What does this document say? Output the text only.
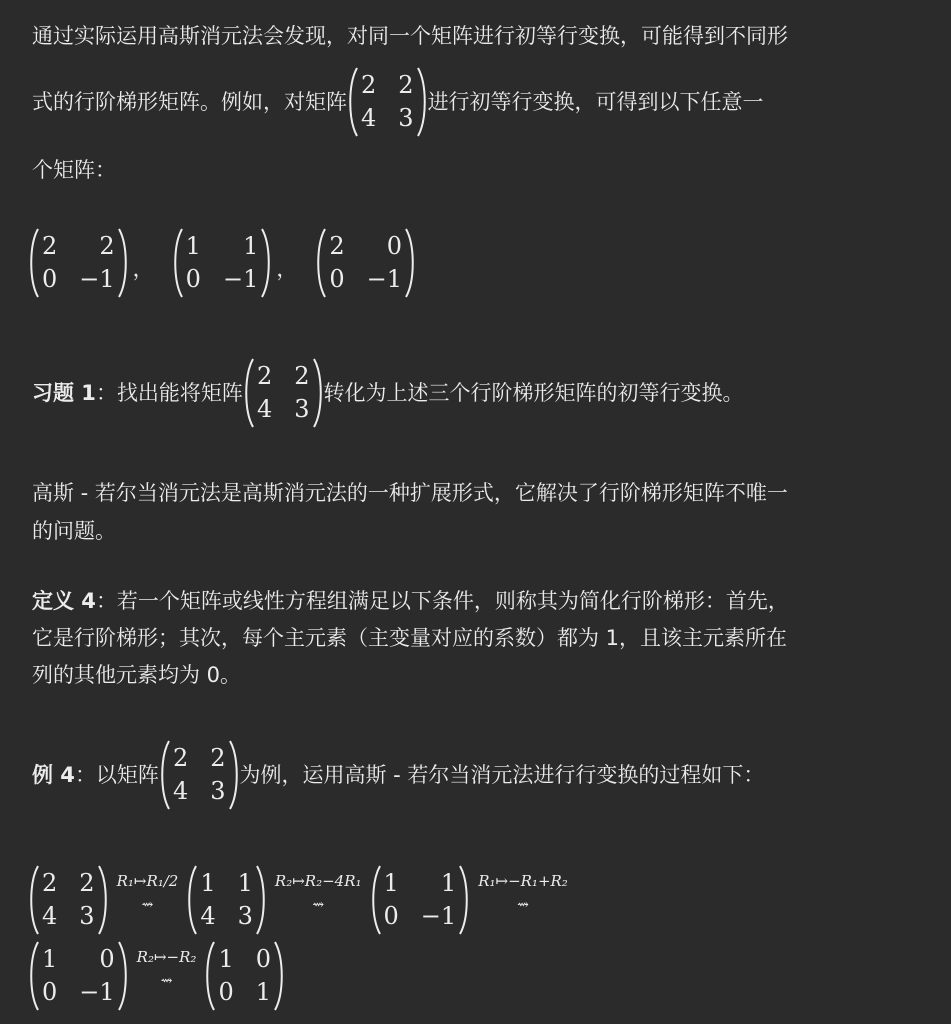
通过实际运用高斯消元法会发现，对同一个矩阵进行初等行变换，可能得到不同形
式的行阶梯形矩阵。例如，对矩阵
2 2
4 3
进行初等行变换，可得到以下任意一
个矩阵：
2	2
0 −1 ，
1	1
0 −1 ，
2	0
0 −1
习题 1 ： 找出能将矩阵
2 2
4 3
转化为上述三个行阶梯形矩阵的初等行变换。
高斯 - 若尔当消元法是高斯消元法的一种扩展形式，它解决了行阶梯形矩阵不唯一
的问题。
定义 4 ：若一个矩阵或线性方程组满足以下条件，则称其为简化行阶梯形：首先，
它是行阶梯形；其次，每个主元素（主变量对应的系数）都为 1，且该主元素所在
列的其他元素均为 0。
例 4 ：以矩阵
2 2
4 3
为例，运用高斯 - 若尔当消元法进行行变换的过程如下：
2 2
4 3
R₁↦R₁/2
⇝
1 1
4 3
R₂↦R₂−4R₁
⇝
1	1
0 −1
R₁↦−R₁+R₂
⇝
1	0
0 −1
R₂↦−R₂
⇝
1 0
0 1
